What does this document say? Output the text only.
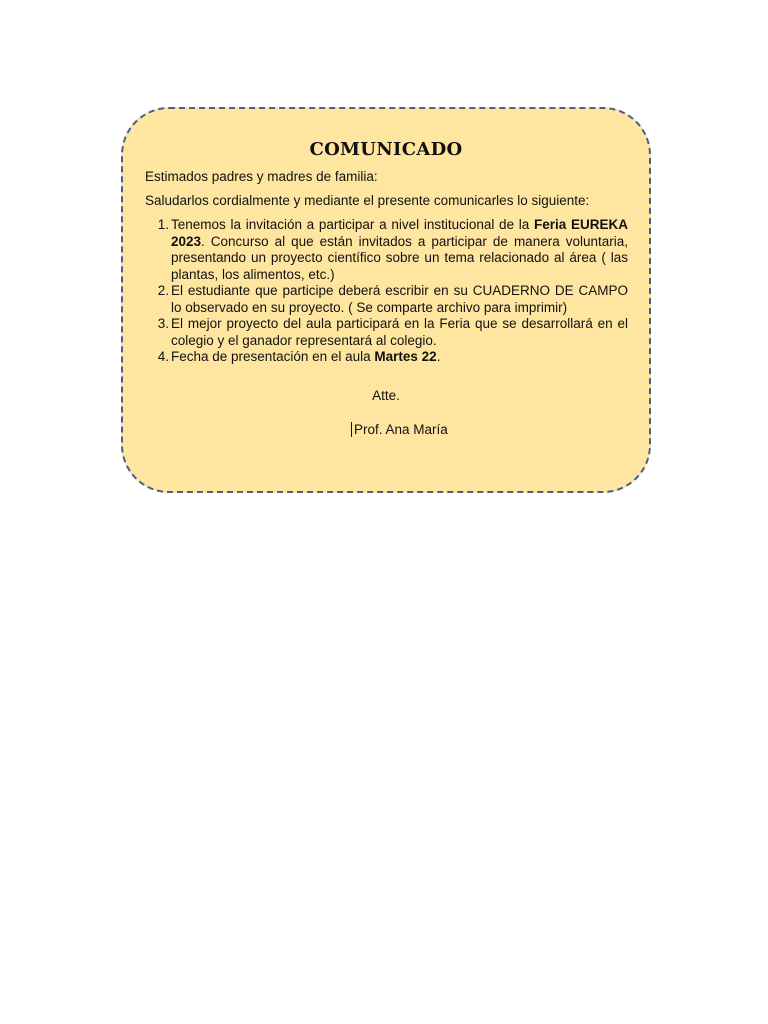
COMUNICADO
Estimados padres y madres de familia:
Saludarlos cordialmente y mediante el presente comunicarles lo siguiente:
1 . Tenemos la invitación a participar a nivel institucional de la Feria EUREKA 2023. Concurso al que están invitados a participar de manera voluntaria, presentando un proyecto científico sobre un tema relacionado al área ( las plantas, los alimentos, etc.)
2 . El estudiante que participe deberá escribir en su CUADERNO DE CAMPO lo observado en su proyecto. ( Se comparte archivo para imprimir)
3 . El mejor proyecto del aula participará en la Feria que se desarrollará en el colegio y el ganador representará al colegio.
4 . Fecha de presentación en el aula Martes 22.
Atte.
Prof. Ana María
